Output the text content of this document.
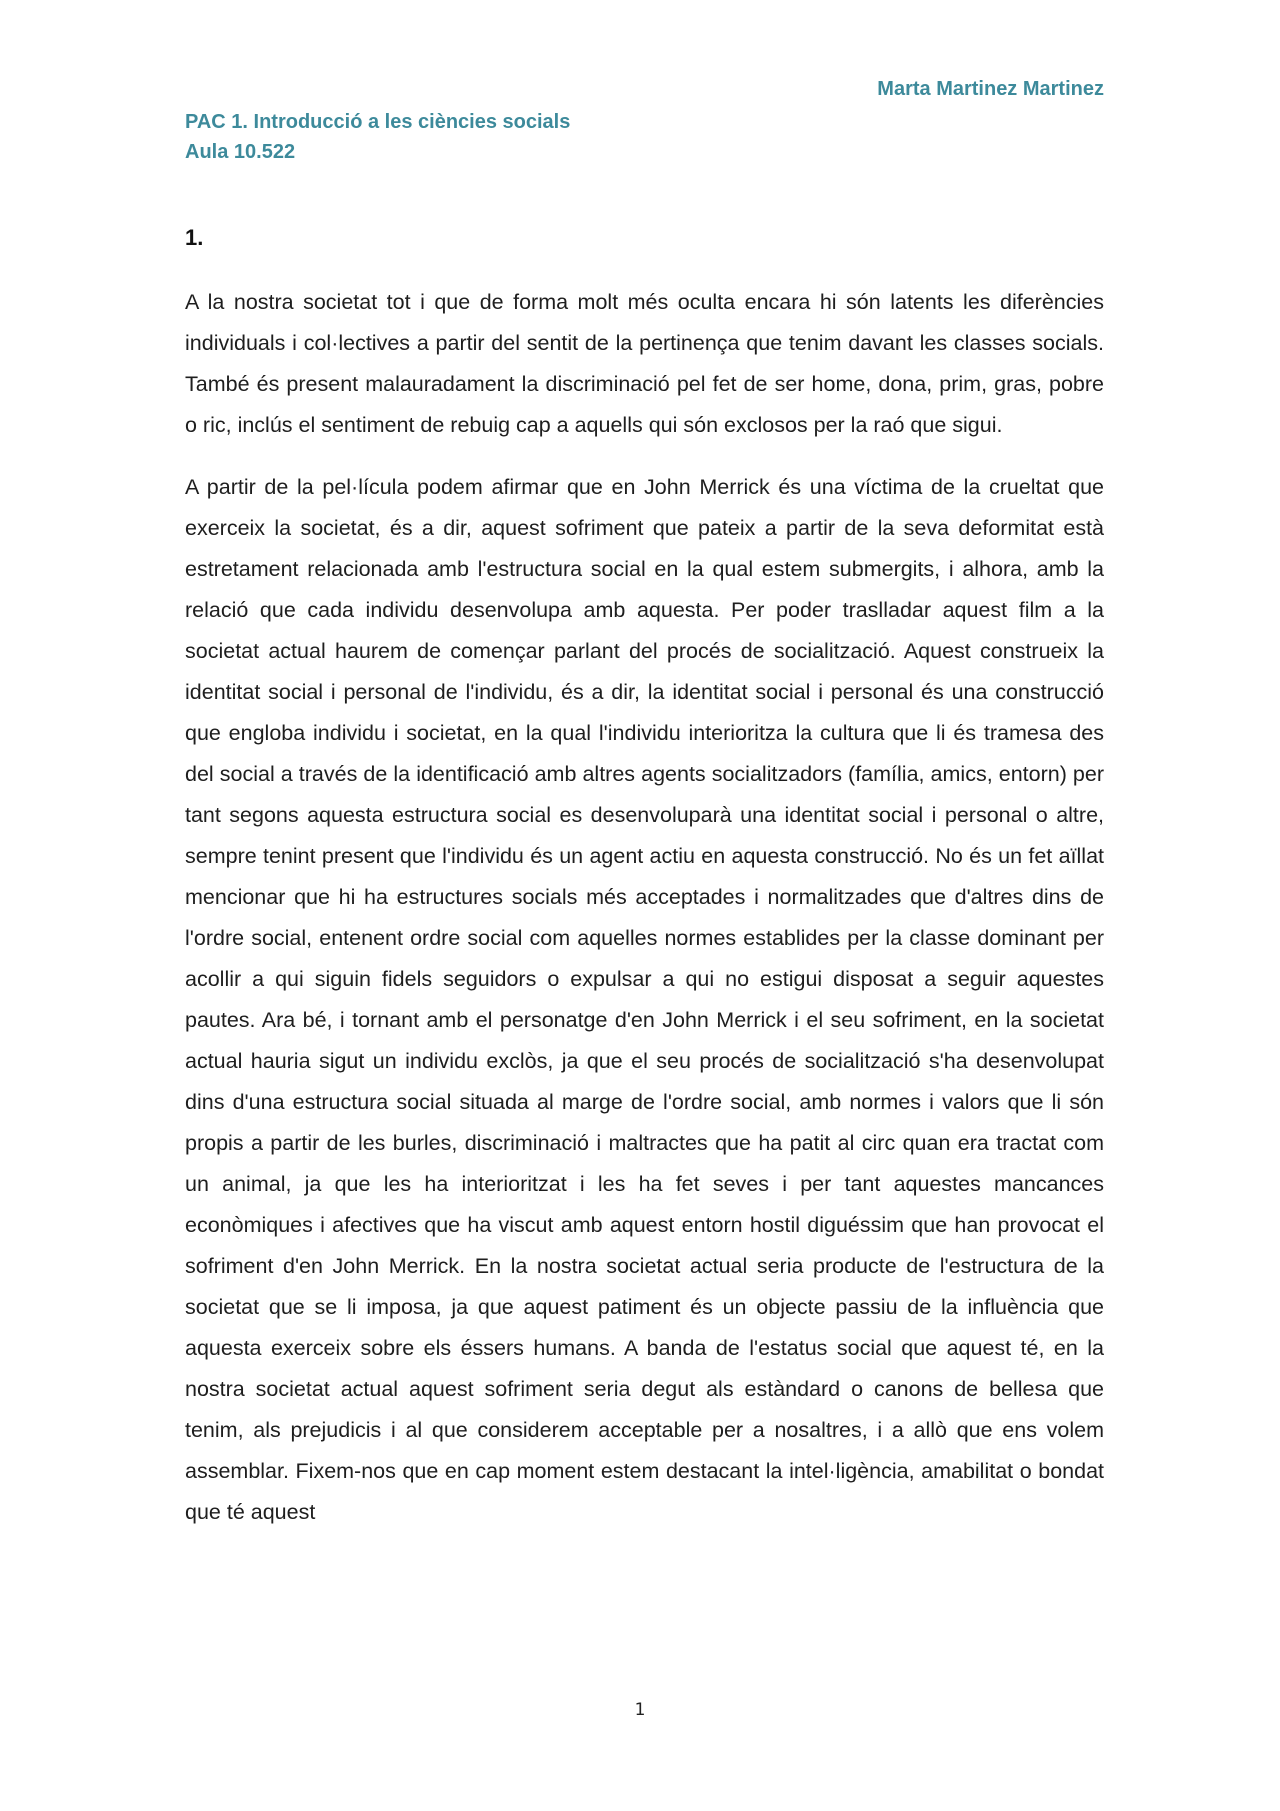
Marta Martinez Martinez
PAC 1. Introducció a les ciències socials
Aula 10.522
1.

A la nostra societat tot i que de forma molt més oculta encara hi són latents les diferències individuals i col·lectives a partir del sentit de la pertinença que tenim davant les classes socials. També és present malauradament la discriminació pel fet de ser home, dona, prim, gras, pobre o ric, inclús el sentiment de rebuig cap a aquells qui són exclosos per la raó que sigui.

A partir de la pel·lícula podem afirmar que en John Merrick és una víctima de la crueltat que exerceix la societat, és a dir, aquest sofriment que pateix a partir de la seva deformitat està estretament relacionada amb l'estructura social en la qual estem submergits, i alhora, amb la relació que cada individu desenvolupa amb aquesta. Per poder traslladar aquest film a la societat actual haurem de començar parlant del procés de socialització. Aquest construeix la identitat social i personal de l'individu, és a dir, la identitat social i personal és una construcció que engloba individu i societat, en la qual l'individu interioritza la cultura que li és tramesa des del social a través de la identificació amb altres agents socialitzadors (família, amics, entorn) per tant segons aquesta estructura social es desenvoluparà una identitat social i personal o altre, sempre tenint present que l'individu és un agent actiu en aquesta construcció. No és un fet aïllat mencionar que hi ha estructures socials més acceptades i normalitzades que d'altres dins de l'ordre social, entenent ordre social com aquelles normes establides per la classe dominant per acollir a qui siguin fidels seguidors o expulsar a qui no estigui disposat a seguir aquestes pautes. Ara bé, i tornant amb el personatge d'en John Merrick i el seu sofriment, en la societat actual hauria sigut un individu exclòs, ja que el seu procés de socialització s'ha desenvolupat dins d'una estructura social situada al marge de l'ordre social, amb normes i valors que li són propis a partir de les burles, discriminació i maltractes que ha patit al circ quan era tractat com un animal, ja que les ha interioritzat i les ha fet seves i per tant aquestes mancances econòmiques i afectives que ha viscut amb aquest entorn hostil diguéssim que han provocat el sofriment d'en John Merrick. En la nostra societat actual seria producte de l'estructura de la societat que se li imposa, ja que aquest patiment és un objecte passiu de la influència que aquesta exerceix sobre els éssers humans. A banda de l'estatus social que aquest té, en la nostra societat actual aquest sofriment seria degut als estàndard o canons de bellesa que tenim, als prejudicis i al que considerem acceptable per a nosaltres, i a allò que ens volem assemblar. Fixem-nos que en cap moment estem destacant la intel·ligència, amabilitat o bondat que té aquest

1
